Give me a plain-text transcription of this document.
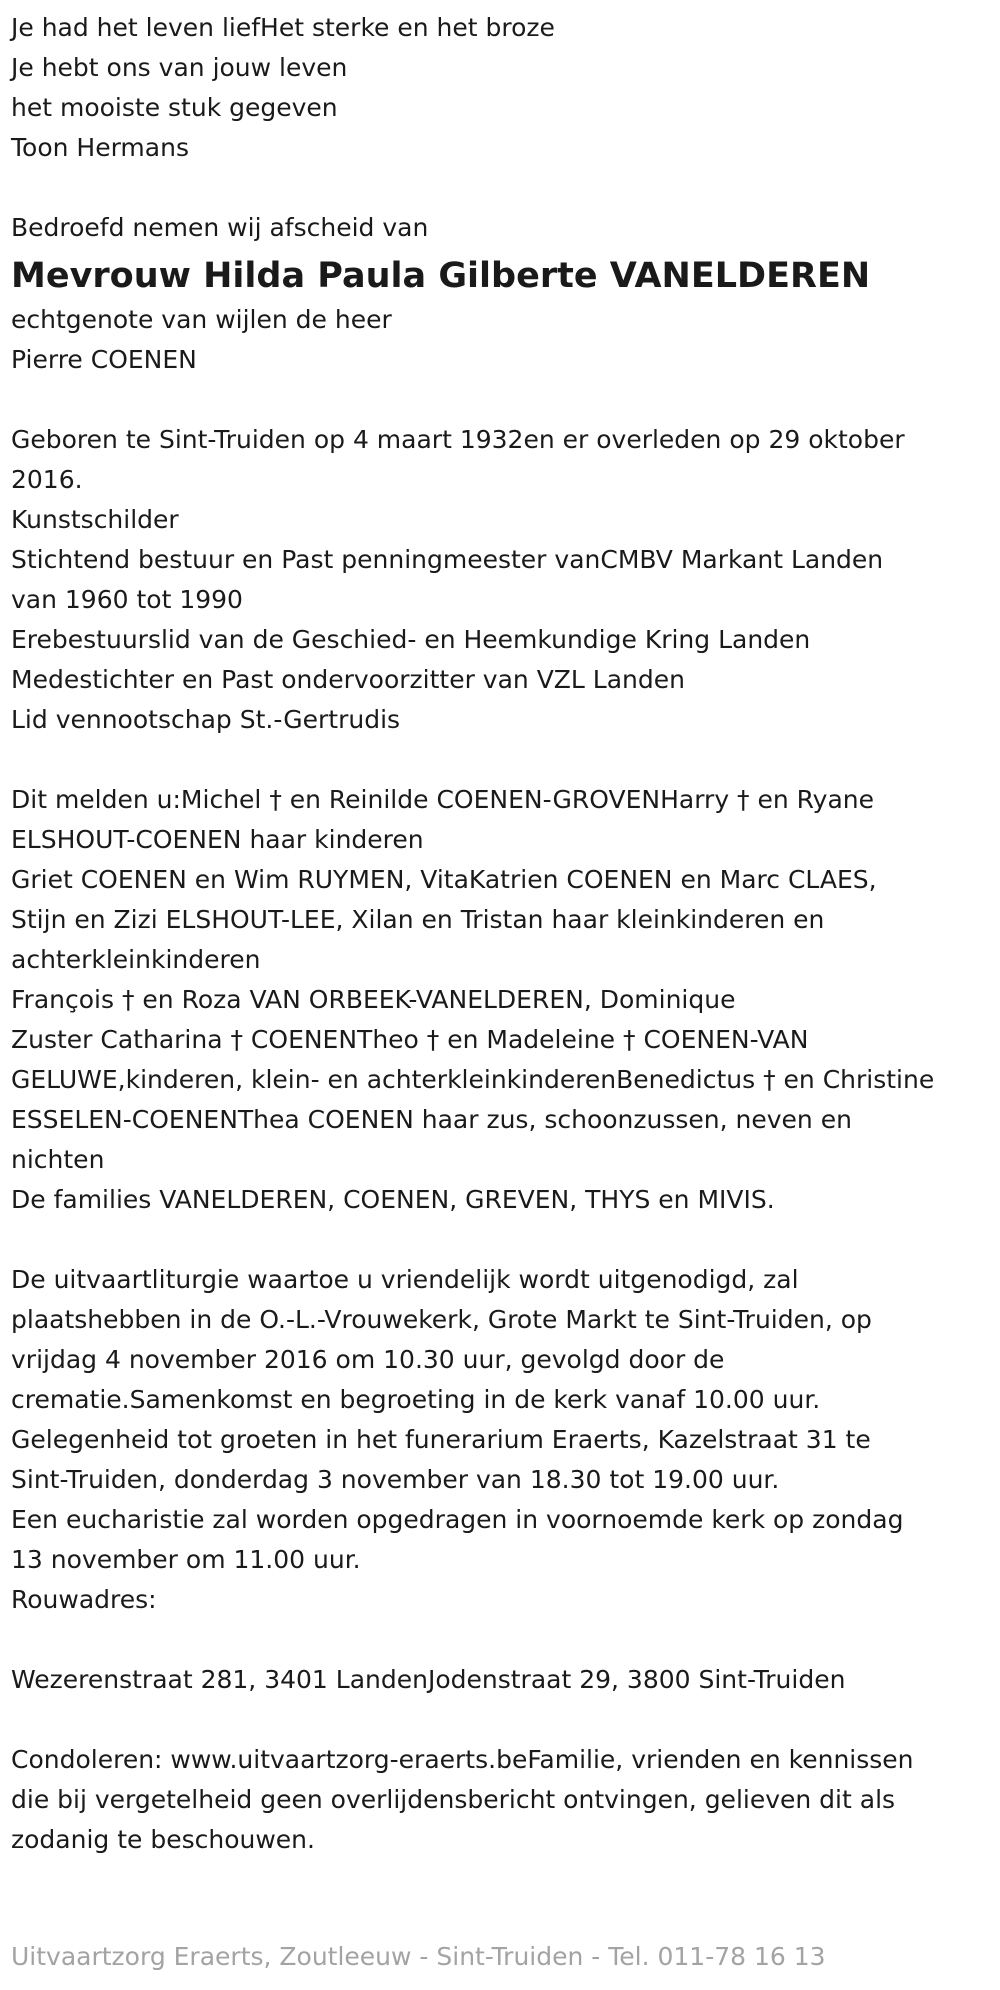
Je had het leven liefHet sterke en het broze
Je hebt ons van jouw leven
het mooiste stuk gegeven
Toon Hermans
Bedroefd nemen wij afscheid van
Mevrouw Hilda Paula Gilberte VANELDEREN
echtgenote van wijlen de heer
Pierre COENEN
Geboren te Sint-Truiden op 4 maart 1932en er overleden op 29 oktober
2016.
Kunstschilder
Stichtend bestuur en Past penningmeester vanCMBV Markant Landen
van 1960 tot 1990
Erebestuurslid van de Geschied- en Heemkundige Kring Landen
Medestichter en Past ondervoorzitter van VZL Landen
Lid vennootschap St.-Gertrudis
Dit melden u:Michel † en Reinilde COENEN-GROVENHarry † en Ryane
ELSHOUT-COENEN haar kinderen
Griet COENEN en Wim RUYMEN, VitaKatrien COENEN en Marc CLAES,
Stijn en Zizi ELSHOUT-LEE, Xilan en Tristan haar kleinkinderen en
achterkleinkinderen
François † en Roza VAN ORBEEK-VANELDEREN, Dominique
Zuster Catharina † COENENTheo † en Madeleine † COENEN-VAN
GELUWE,kinderen, klein- en achterkleinkinderenBenedictus † en Christine
ESSELEN-COENENThea COENEN haar zus, schoonzussen, neven en
nichten
De families VANELDEREN, COENEN, GREVEN, THYS en MIVIS.
De uitvaartliturgie waartoe u vriendelijk wordt uitgenodigd, zal
plaatshebben in de O.-L.-Vrouwekerk, Grote Markt te Sint-Truiden, op
vrijdag 4 november 2016 om 10.30 uur, gevolgd door de
crematie.Samenkomst en begroeting in de kerk vanaf 10.00 uur.
Gelegenheid tot groeten in het funerarium Eraerts, Kazelstraat 31 te
Sint-Truiden, donderdag 3 november van 18.30 tot 19.00 uur.
Een eucharistie zal worden opgedragen in voornoemde kerk op zondag
13 november om 11.00 uur.
Rouwadres:
Wezerenstraat 281, 3401 LandenJodenstraat 29, 3800 Sint-Truiden
Condoleren: www.uitvaartzorg-eraerts.beFamilie, vrienden en kennissen
die bij vergetelheid geen overlijdensbericht ontvingen, gelieven dit als
zodanig te beschouwen.
Uitvaartzorg Eraerts, Zoutleeuw - Sint-Truiden - Tel. 011-78 16 13
